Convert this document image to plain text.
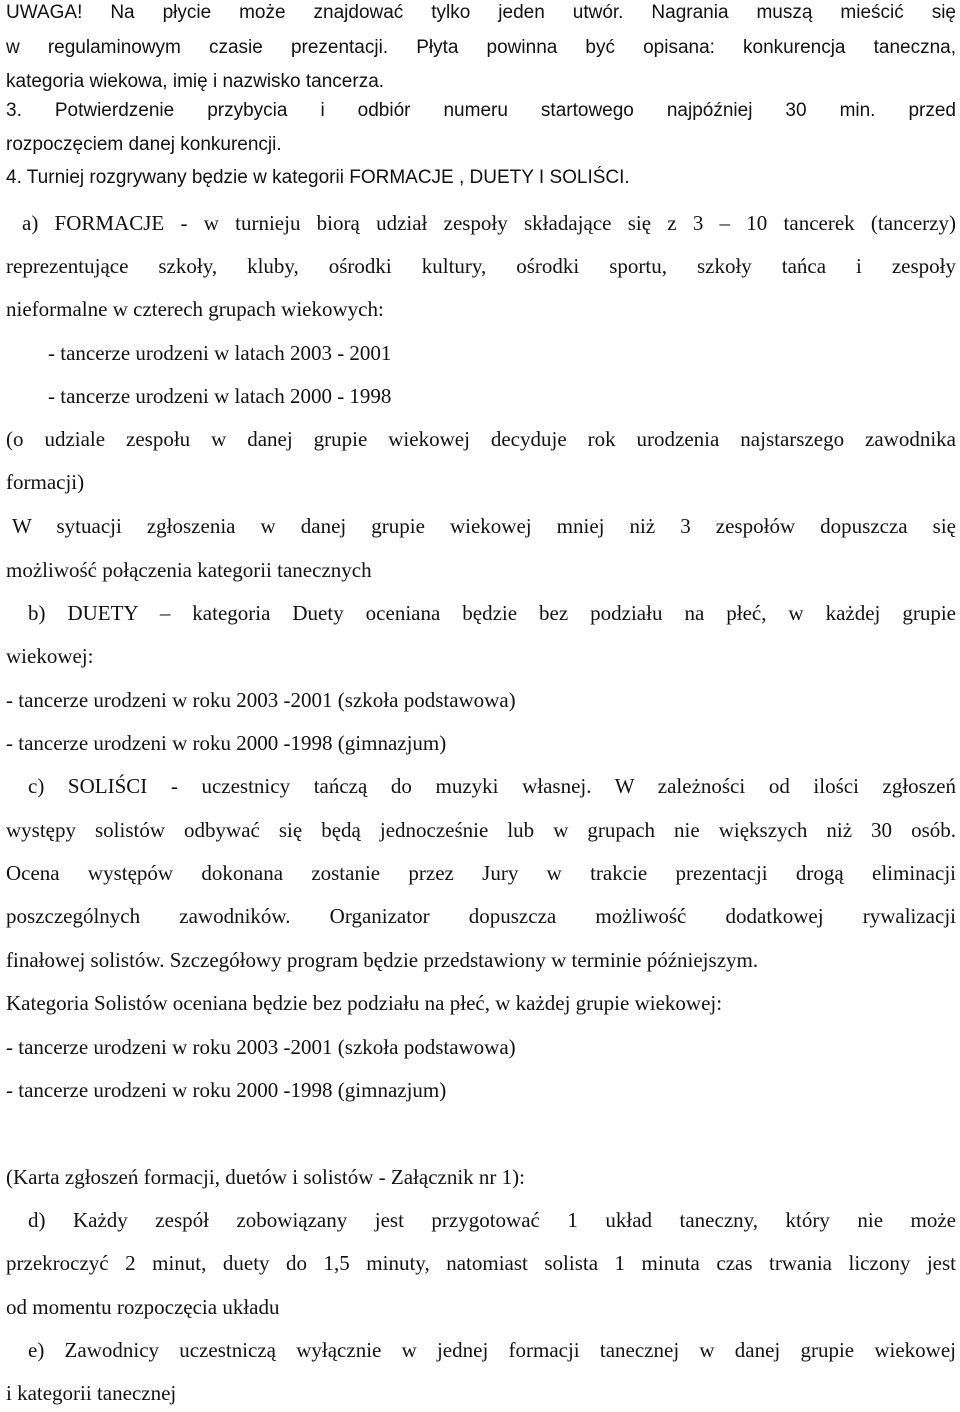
UWAGA! Na płycie może znajdować tylko jeden utwór. Nagrania muszą mieścić się
w regulaminowym czasie prezentacji. Płyta powinna być opisana: konkurencja taneczna,
kategoria wiekowa, imię i nazwisko tancerza.
3. Potwierdzenie przybycia i odbiór numeru startowego najpóźniej 30 min. przed
rozpoczęciem danej konkurencji.
4. Turniej rozgrywany będzie w kategorii FORMACJE , DUETY I SOLIŚCI.
a) FORMACJE - w turnieju biorą udział zespoły składające się z 3 – 10 tancerek (tancerzy)
reprezentujące szkoły, kluby, ośrodki kultury, ośrodki sportu, szkoły tańca i zespoły
nieformalne w czterech grupach wiekowych:
- tancerze urodzeni w latach 2003 - 2001
- tancerze urodzeni w latach 2000 - 1998
(o udziale zespołu w danej grupie wiekowej decyduje rok urodzenia najstarszego zawodnika
formacji)
W sytuacji zgłoszenia w danej grupie wiekowej mniej niż 3 zespołów dopuszcza się
możliwość połączenia kategorii tanecznych
b) DUETY – kategoria Duety oceniana będzie bez podziału na płeć, w każdej grupie
wiekowej:
- tancerze urodzeni w roku 2003 -2001 (szkoła podstawowa)
- tancerze urodzeni w roku 2000 -1998 (gimnazjum)
c) SOLIŚCI - uczestnicy tańczą do muzyki własnej. W zależności od ilości zgłoszeń
występy solistów odbywać się będą jednocześnie lub w grupach nie większych niż 30 osób.
Ocena występów dokonana zostanie przez Jury w trakcie prezentacji drogą eliminacji
poszczególnych zawodników. Organizator dopuszcza możliwość dodatkowej rywalizacji
finałowej solistów. Szczegółowy program będzie przedstawiony w terminie późniejszym.
Kategoria Solistów oceniana będzie bez podziału na płeć, w każdej grupie wiekowej:
- tancerze urodzeni w roku 2003 -2001 (szkoła podstawowa)
- tancerze urodzeni w roku 2000 -1998 (gimnazjum)
(Karta zgłoszeń formacji, duetów i solistów - Załącznik nr 1):
d) Każdy zespół zobowiązany jest przygotować 1 układ taneczny, który nie może
przekroczyć 2 minut, duety do 1,5 minuty, natomiast solista 1 minuta czas trwania liczony jest
od momentu rozpoczęcia układu
e) Zawodnicy uczestniczą wyłącznie w jednej formacji tanecznej w danej grupie wiekowej
i kategorii tanecznej
